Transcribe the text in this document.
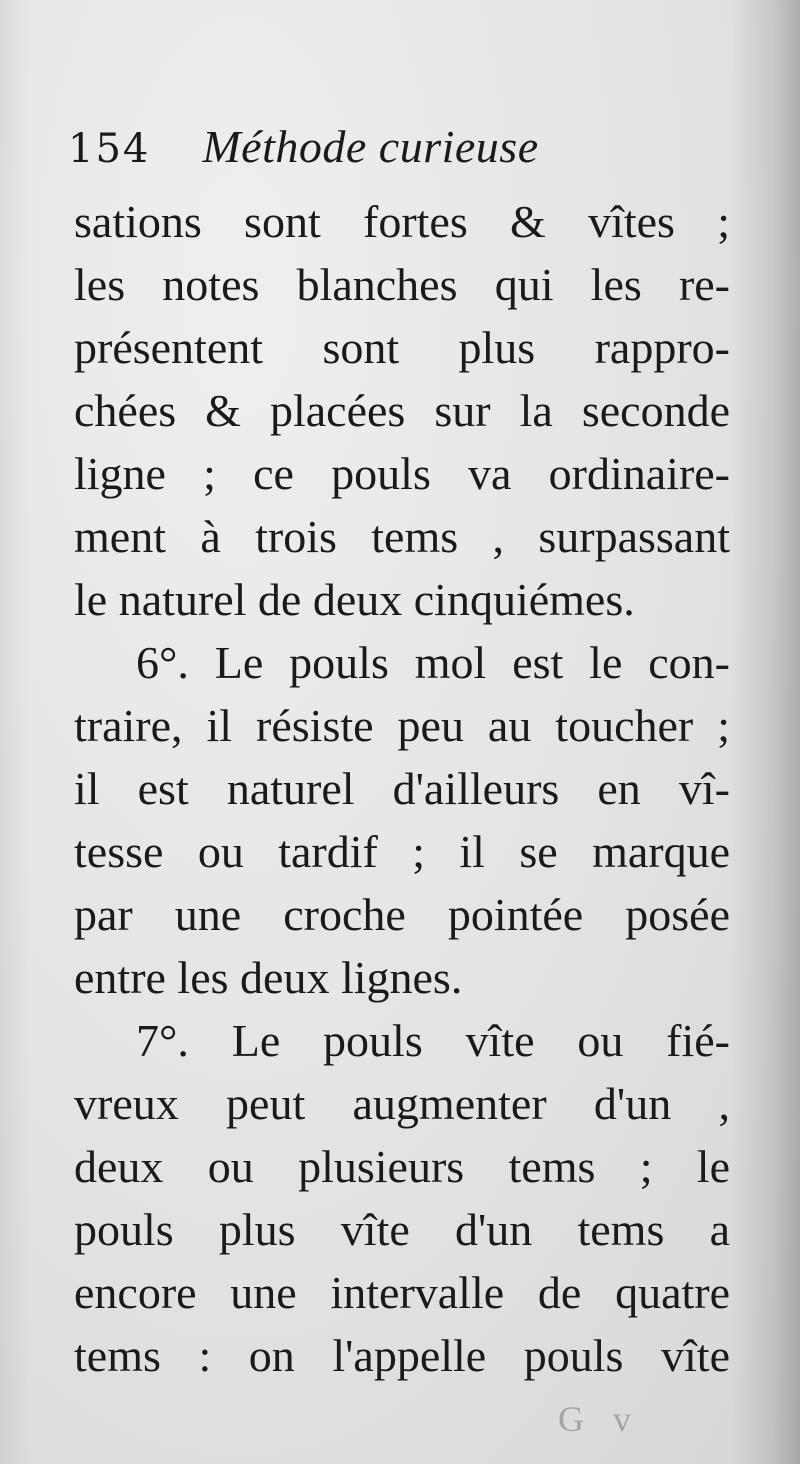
154 Méthode curieuse
sations sont fortes & vîtes ;
les notes blanches qui les re-
présentent sont plus rappro-
chées & placées sur la seconde
ligne ; ce pouls va ordinaire-
ment à trois tems , surpassant
le naturel de deux cinquiémes.
6°. Le pouls mol est le con-
traire, il résiste peu au toucher ;
il est naturel d'ailleurs en vî-
tesse ou tardif ; il se marque
par une croche pointée posée
entre les deux lignes.
7°. Le pouls vîte ou fié-
vreux peut augmenter d'un ,
deux ou plusieurs tems ; le
pouls plus vîte d'un tems a
encore une intervalle de quatre
tems : on l'appelle pouls vîte
G v
